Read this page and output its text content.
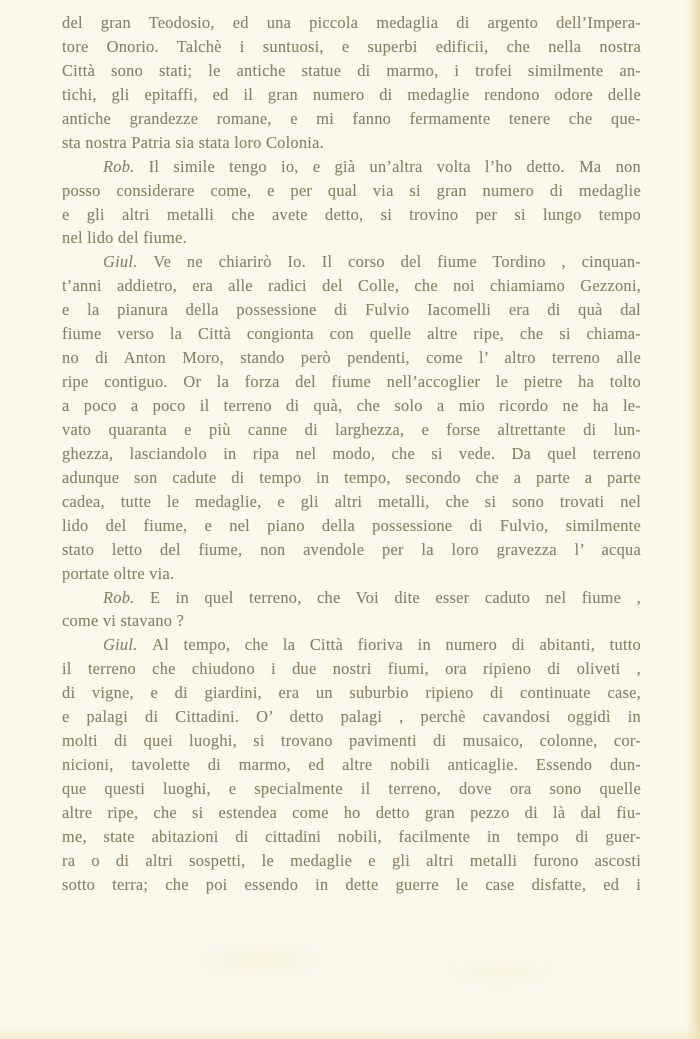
del gran Teodosio, ed una piccola medaglia di argento dell’Impera-
tore Onorio. Talchè i suntuosi, e superbi edificii, che nella nostra
Città sono stati; le antiche statue di marmo, i trofei similmente an-
tichi, gli epitaffi, ed il gran numero di medaglie rendono odore delle
antiche grandezze romane, e mi fanno fermamente tenere che que-
sta nostra Patria sia stata loro Colonia.
Rob. Il simile tengo io, e già un’altra volta l’ho detto. Ma non
posso considerare come, e per qual via si gran numero di medaglie
e gli altri metalli che avete detto, si trovino per si lungo tempo
nel lido del fiume.
Giul. Ve ne chiarirò Io. Il corso del fiume Tordino , cinquan-
t’anni addietro, era alle radici del Colle, che noi chiamiamo Gezzoni,
e la pianura della possessione di Fulvio Iacomelli era di quà dal
fiume verso la Città congionta con quelle altre ripe, che si chiama-
no di Anton Moro, stando però pendenti, come l’ altro terreno alle
ripe contiguo. Or la forza del fiume nell’accoglier le pietre ha tolto
a poco a poco il terreno di quà, che solo a mio ricordo ne ha le-
vato quaranta e più canne di larghezza, e forse altrettante di lun-
ghezza, lasciandolo in ripa nel modo, che si vede. Da quel terreno
adunque son cadute di tempo in tempo, secondo che a parte a parte
cadea, tutte le medaglie, e gli altri metalli, che si sono trovati nel
lido del fiume, e nel piano della possessione di Fulvio, similmente
stato letto del fiume, non avendole per la loro gravezza l’ acqua
portate oltre via.
Rob. E in quel terreno, che Voi dite esser caduto nel fiume ,
come vi stavano ?
Giul. Al tempo, che la Città fioriva in numero di abitanti, tutto
il terreno che chiudono i due nostri fiumi, ora ripieno di oliveti ,
di vigne, e di giardini, era un suburbio ripieno di continuate case,
e palagi di Cittadini. O’ detto palagi , perchè cavandosi oggidì in
molti di quei luoghi, si trovano pavimenti di musaico, colonne, cor-
nicioni, tavolette di marmo, ed altre nobili anticaglie. Essendo dun-
que questi luoghi, e specialmente il terreno, dove ora sono quelle
altre ripe, che si estendea come ho detto gran pezzo di là dal fiu-
me, state abitazioni di cittadini nobili, facilmente in tempo di guer-
ra o di altri sospetti, le medaglie e gli altri metalli furono ascosti
sotto terra; che poi essendo in dette guerre le case disfatte, ed i
